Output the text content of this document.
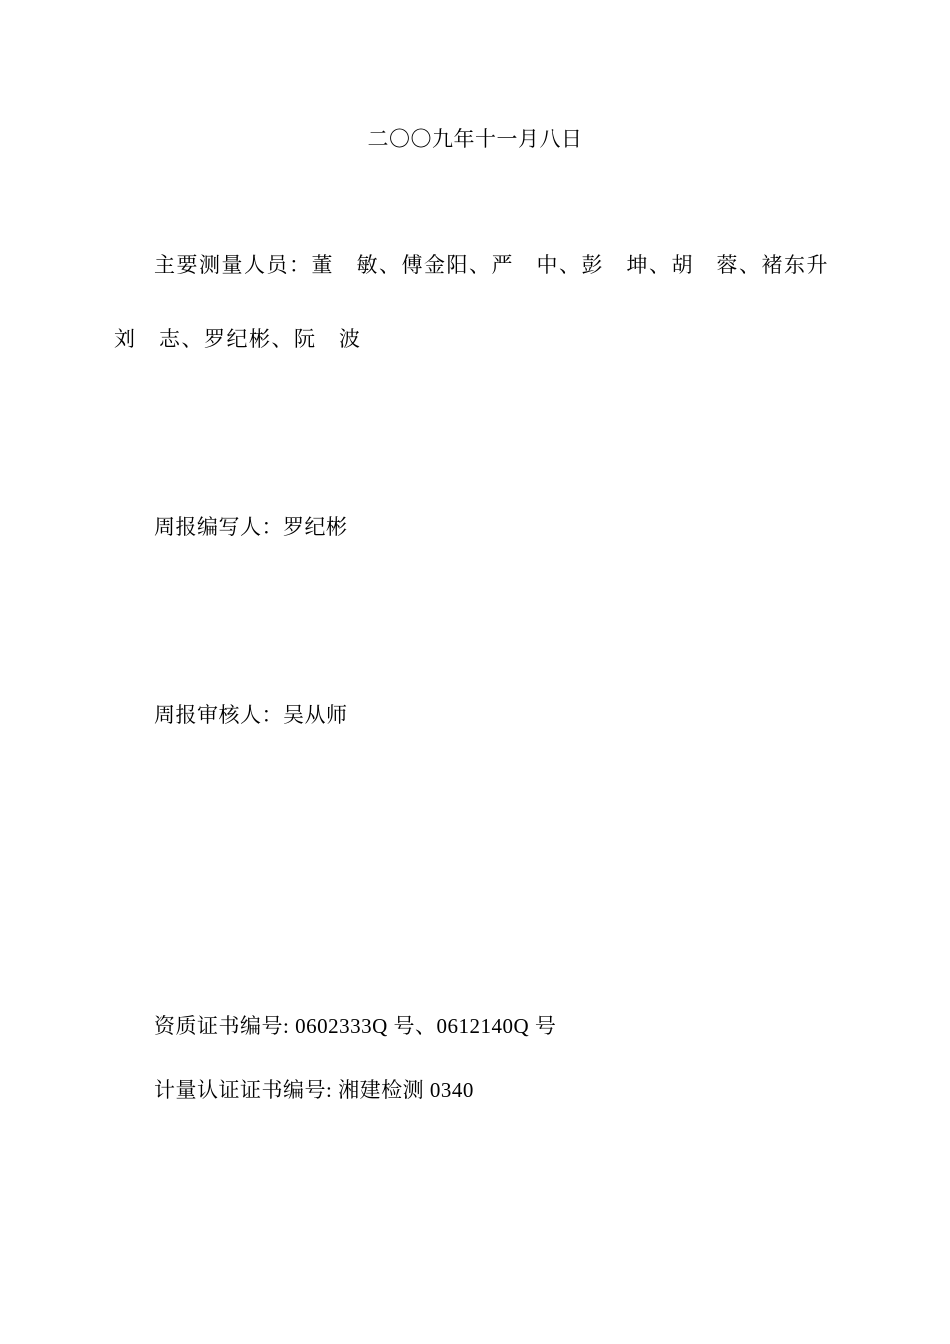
二〇〇九年十一月八日
主要测量人员：董　敏、傅金阳、严　中、彭　坤、胡　蓉、褚东升
刘　志、罗纪彬、阮　波
周报编写人：罗纪彬
周报审核人：吴从师
资质证书编号: 0602333Q 号、0612140Q 号
计量认证证书编号: 湘建检测 0340
